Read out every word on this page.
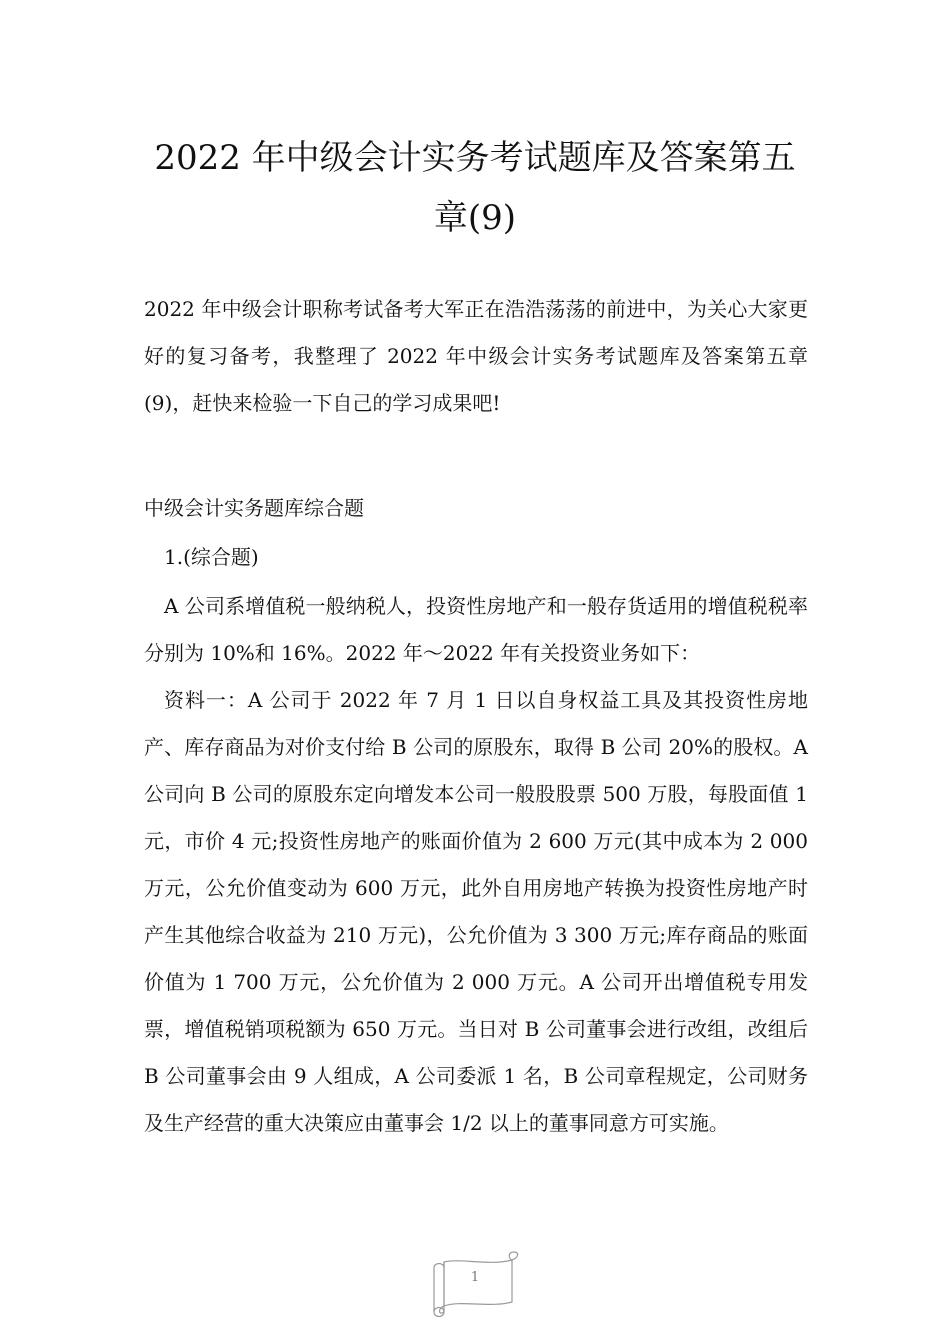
2022 年中级会计实务考试题库及答案第五
章(9)

2022 年中级会计职称考试备考大军正在浩浩荡荡的前进中，为关心大家更好的复习备考，我整理了 2022 年中级会计实务考试题库及答案第五章(9)，赶快来检验一下自己的学习成果吧!

中级会计实务题库综合题

1.(综合题)

A 公司系增值税一般纳税人，投资性房地产和一般存货适用的增值税税率分别为 10%和 16%。2022 年～2022 年有关投资业务如下：
资料一：A 公司于 2022 年 7 月 1 日以自身权益工具及其投资性房地产、库存商品为对价支付给 B 公司的原股东，取得 B 公司 20%的股权。A 公司向 B 公司的原股东定向增发本公司一般股股票 500 万股，每股面值 1 元，市价 4 元;投资性房地产的账面价值为 2 600 万元(其中成本为 2 000 万元，公允价值变动为 600 万元，此外自用房地产转换为投资性房地产时产生其他综合收益为 210 万元)，公允价值为 3 300 万元;库存商品的账面价值为 1 700 万元，公允价值为 2 000 万元。A 公司开出增值税专用发票，增值税销项税额为 650 万元。当日对 B 公司董事会进行改组，改组后 B 公司董事会由 9 人组成，A 公司委派 1 名，B 公司章程规定，公司财务及生产经营的重大决策应由董事会 1/2 以上的董事同意方可实施。
1
